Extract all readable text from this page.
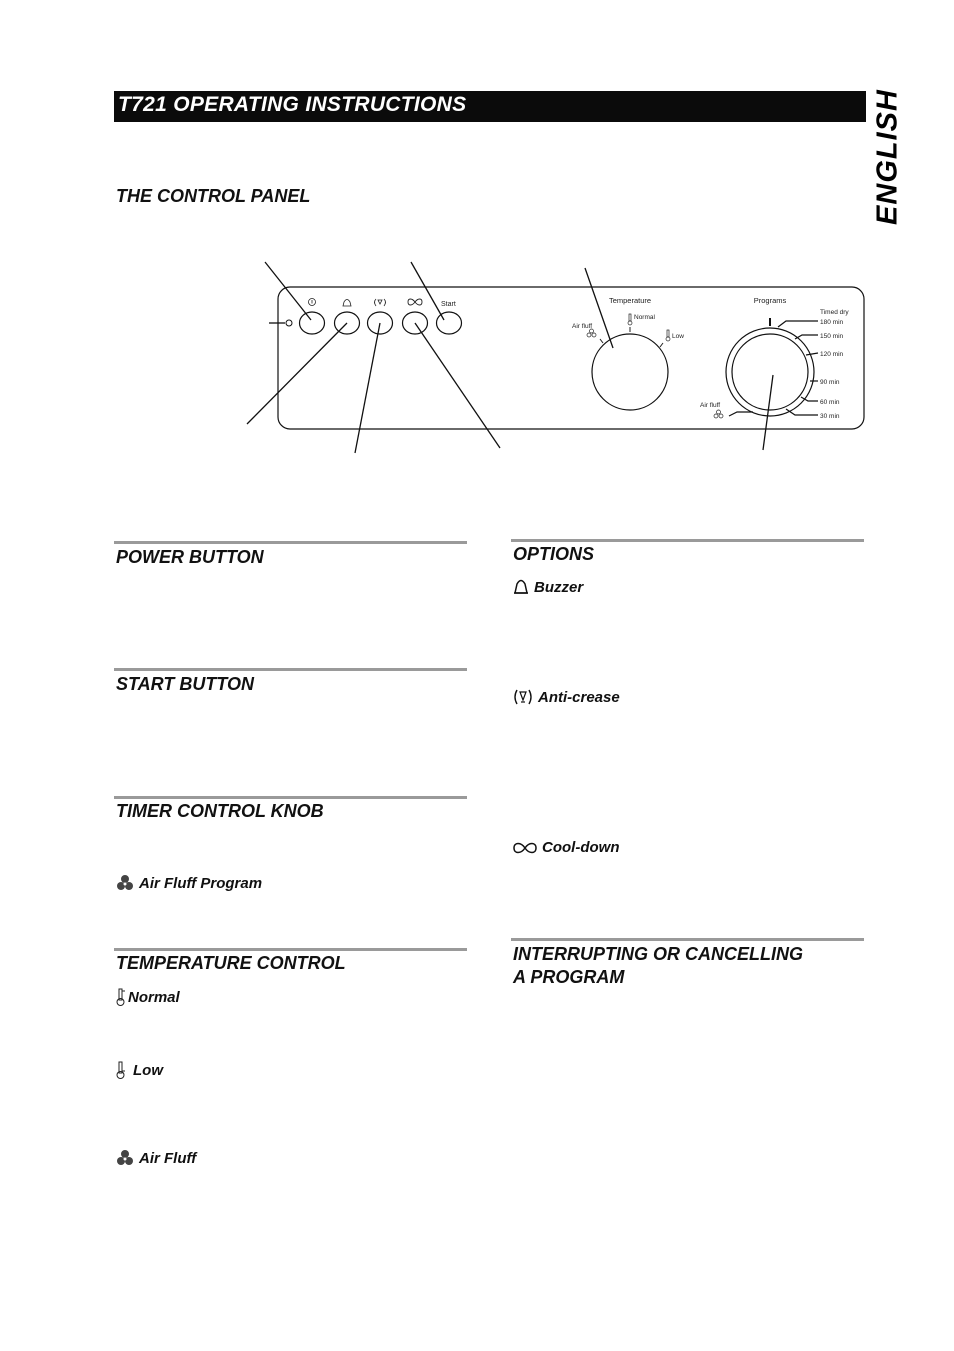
T721 OPERATING INSTRUCTIONS	ENGLISH
THE CONTROL PANEL
Start	Temperature
Air fluff
Normal
Low
Programs
Timed dry
180 min
150 min
120 min
90 min
60 min
30 min
Air fluff
POWER BUTTON
START BUTTON
TIMER CONTROL KNOB
Air Fluff Program
TEMPERATURE CONTROL
Normal
Low
Air Fluff
OPTIONS
Buzzer
Anti-crease
Cool-down
INTERRUPTING OR CANCELLING
A PROGRAM
